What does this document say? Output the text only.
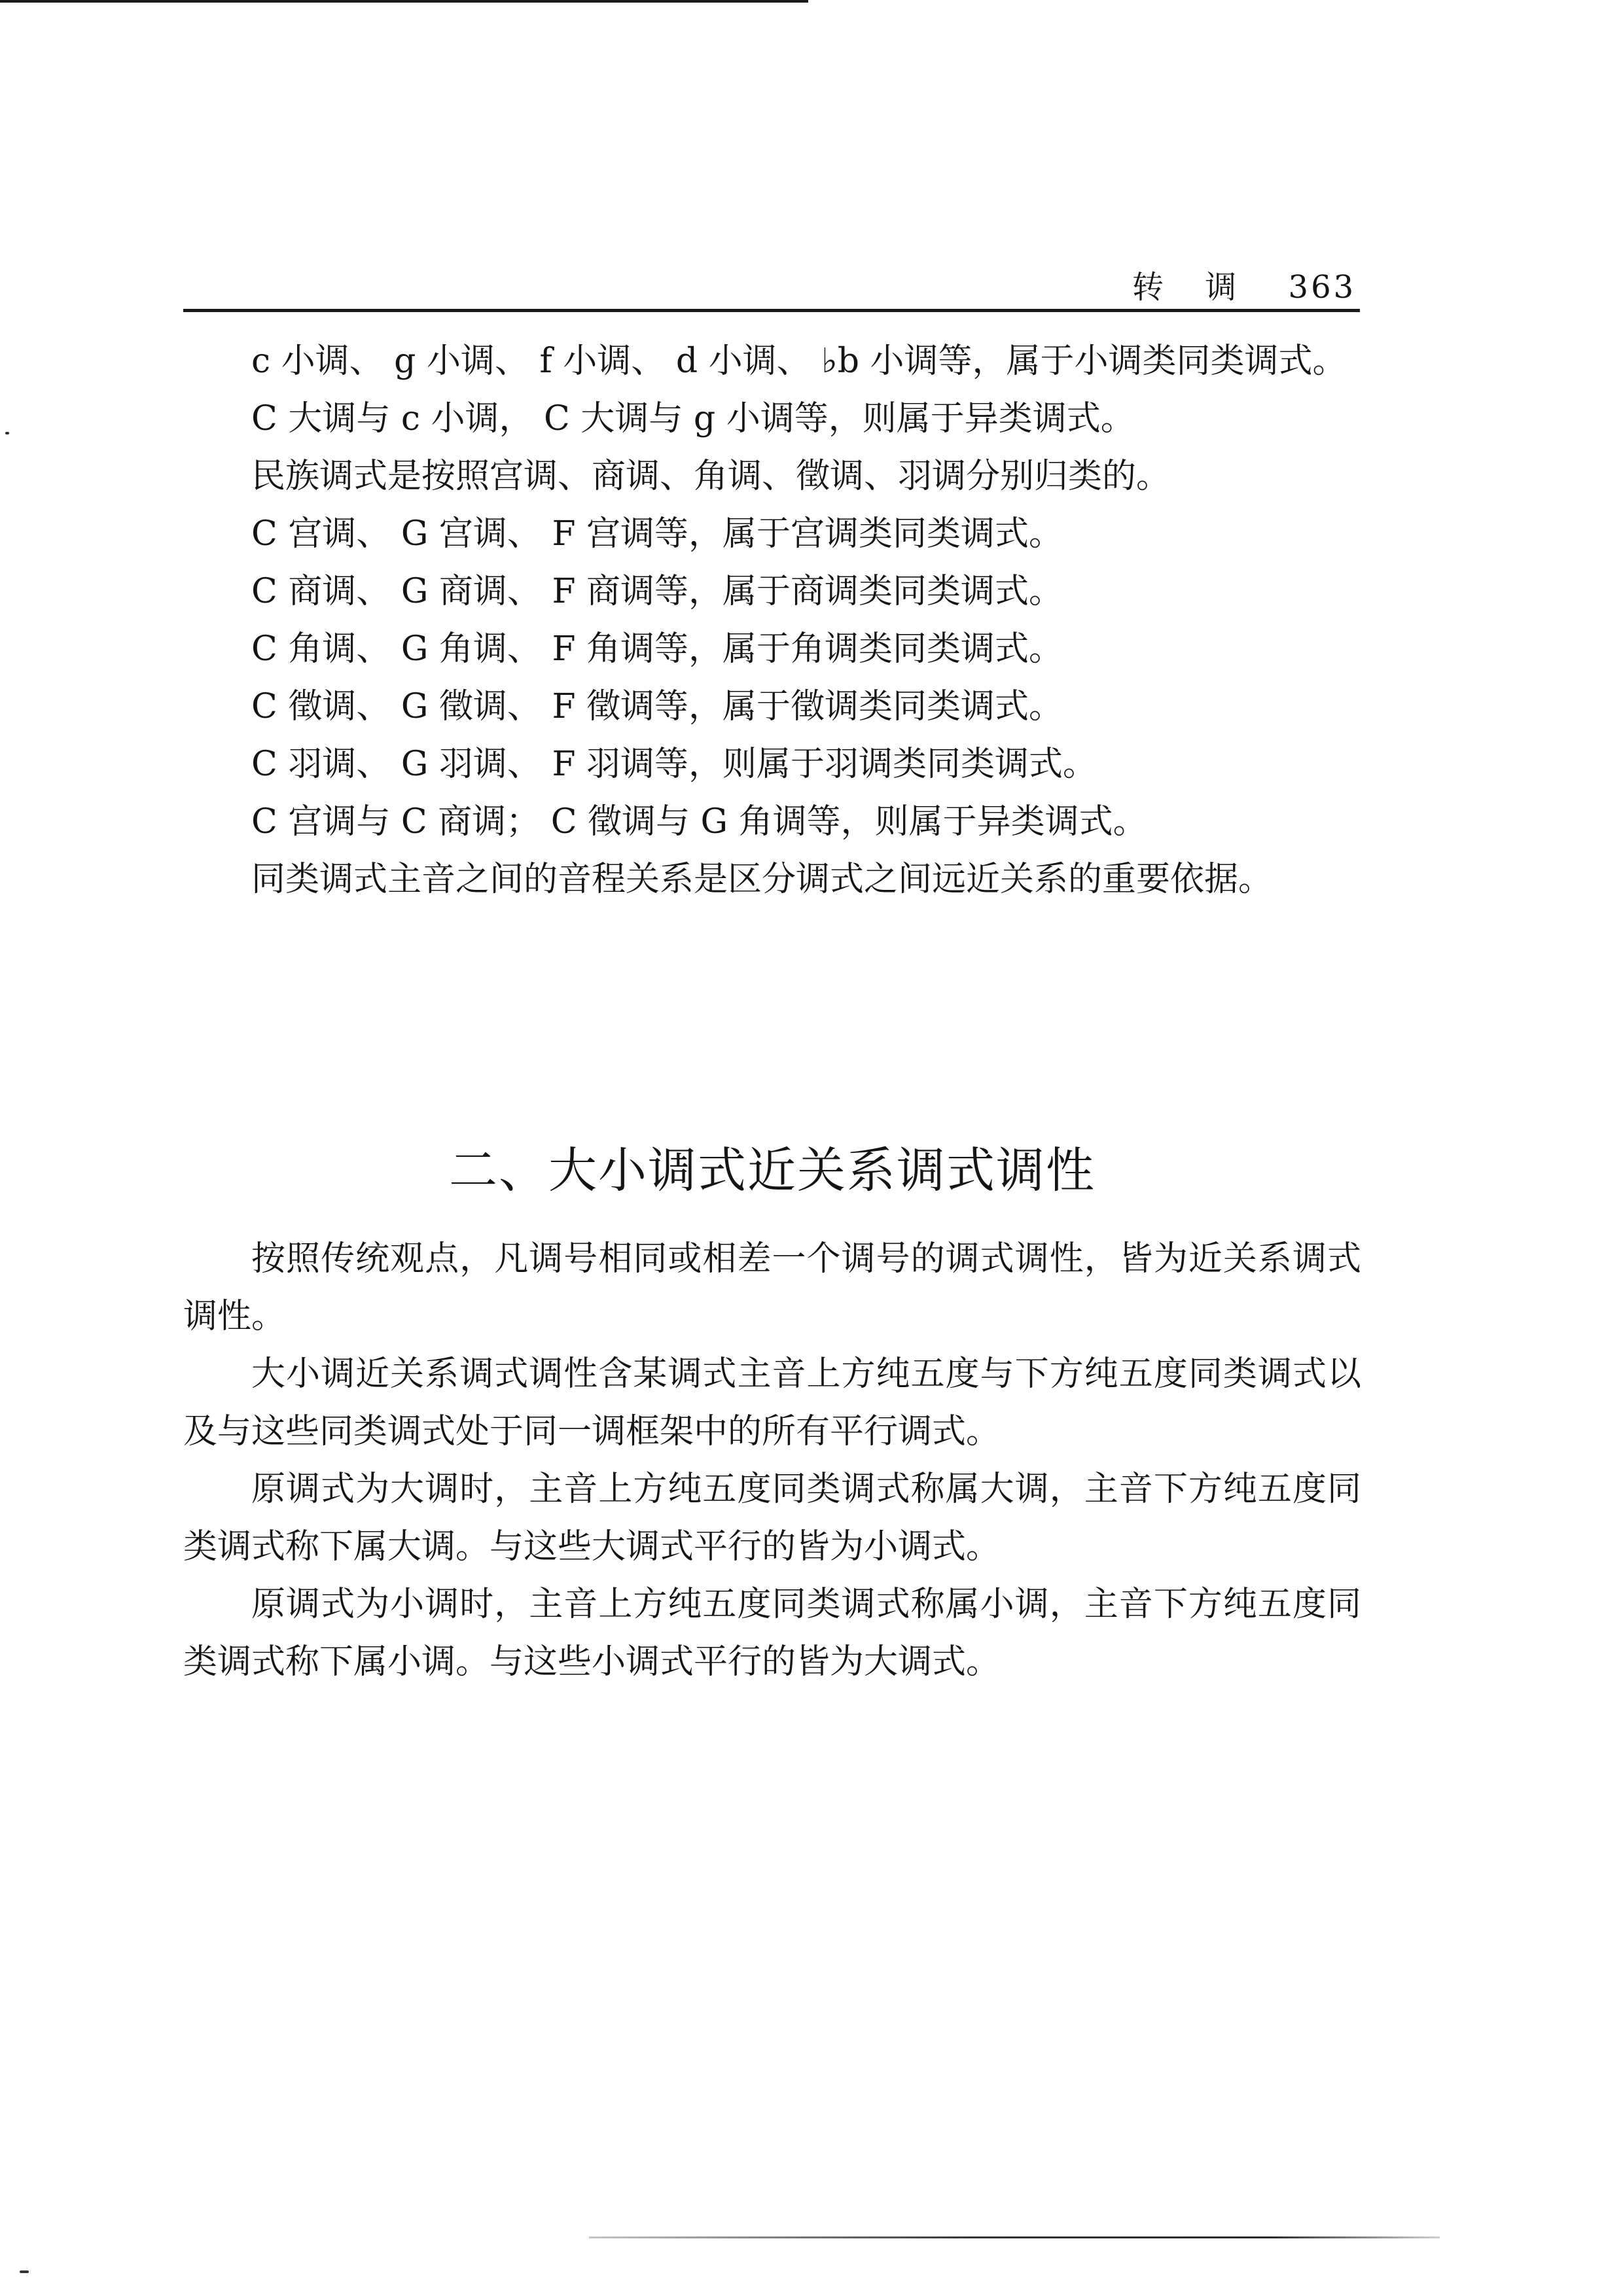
转 调 363

c 小调、 g 小调、 f 小调、 d 小调、 ♭b 小调等，属于小调类同类调式。

C 大调与 c 小调， C 大调与 g 小调等，则属于异类调式。

民族调式是按照宫调、商调、角调、徵调、羽调分别归类的。

C 宫调、 G 宫调、 F 宫调等，属于宫调类同类调式。

C 商调、 G 商调、 F 商调等，属于商调类同类调式。

C 角调、 G 角调、 F 角调等，属于角调类同类调式。

C 徵调、 G 徵调、 F 徵调等，属于徵调类同类调式。

C 羽调、 G 羽调、 F 羽调等，则属于羽调类同类调式。

C 宫调与 C 商调； C 徵调与 G 角调等，则属于异类调式。

同类调式主音之间的音程关系是区分调式之间远近关系的重要依据。

二、大小调式近关系调式调性

按照传统观点，凡调号相同或相差一个调号的调式调性，皆为近关系调式调性。

大小调近关系调式调性含某调式主音上方纯五度与下方纯五度同类调式以及与这些同类调式处于同一调框架中的所有平行调式。

原调式为大调时，主音上方纯五度同类调式称属大调，主音下方纯五度同类调式称下属大调。与这些大调式平行的皆为小调式。

原调式为小调时，主音上方纯五度同类调式称属小调，主音下方纯五度同类调式称下属小调。与这些小调式平行的皆为大调式。
